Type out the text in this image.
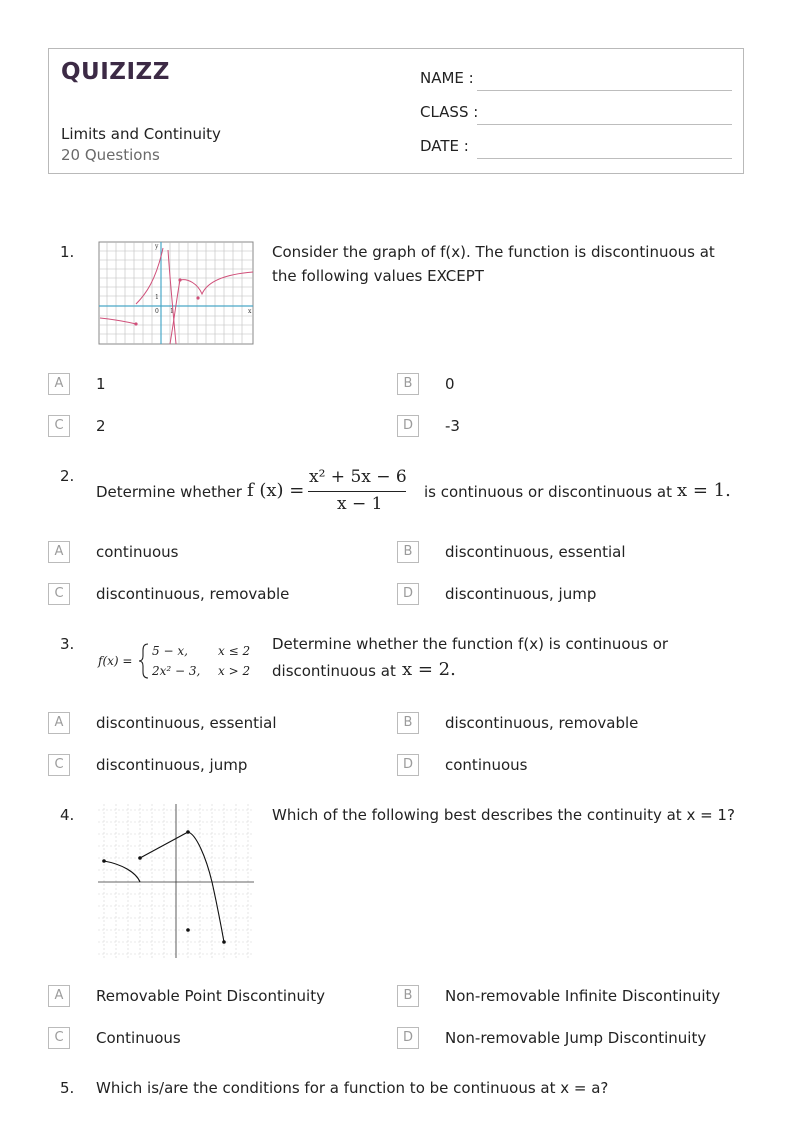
QUIZIZZ
Limits and Continuity
20 Questions
NAME :
CLASS :
DATE :
1.	y
x
0 1
1
Consider the graph of f(x). The function is discontinuous at the following values EXCEPT
A	1	B	0
C	2	D	-3
2.
Determine whether f (x) =
x² + 5x − 6
x − 1
is continuous or discontinuous at x = 1.
A	continuous	B	discontinuous, essential
C	discontinuous, removable	D	discontinuous, jump
3.
f(x) =
5 − x,	x ≤ 2
2x² − 3, x > 2
Determine whether the function f(x) is continuous or
discontinuous at x = 2.
A	discontinuous, essential	B	discontinuous, removable
C	discontinuous, jump	D	continuous
4.	Which of the following best describes the continuity at x = 1?
A	Removable Point Discontinuity	B	Non-removable Infinite Discontinuity
C	Continuous	D	Non-removable Jump Discontinuity
5. Which is/are the conditions for a function to be continuous at x = a?
